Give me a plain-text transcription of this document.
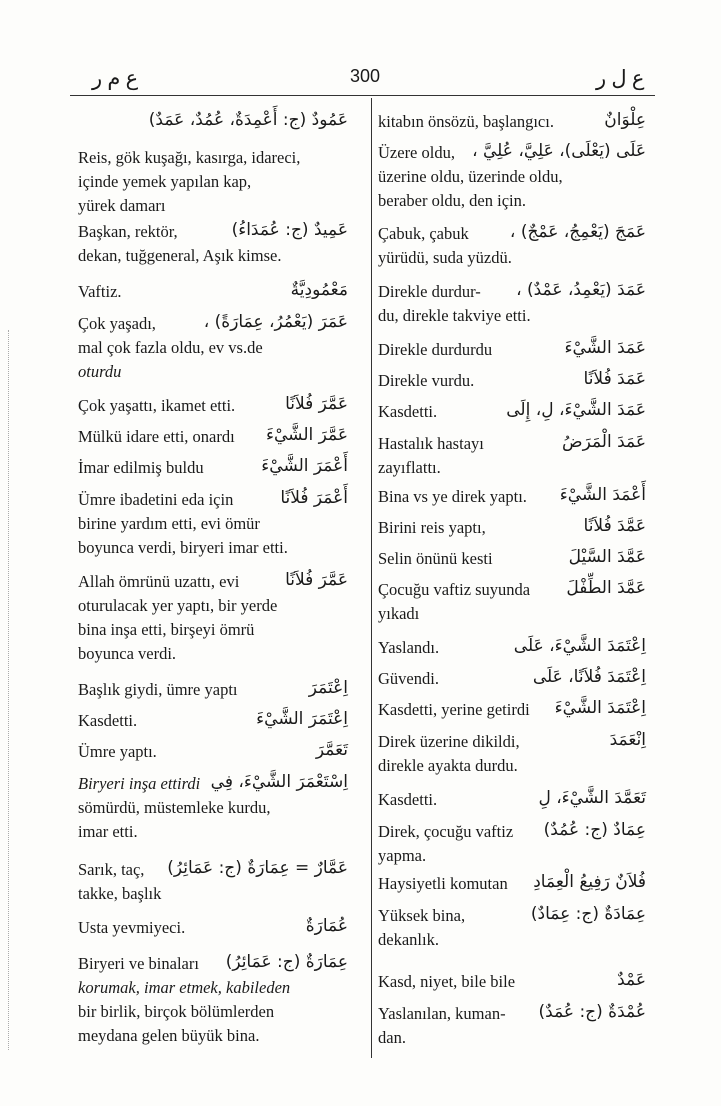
ع م ر	300	ع ل ر
عَمُودٌ (ج: أَعْمِدَةٌ، عُمُدٌ، عَمَدٌ)
Reis, gök kuşağı, kasırga, idareci,
içinde yemek yapılan kap,
yürek damarı
عَمِيدٌ (ج: عُمَدَاءُ)
Başkan, rektör,
dekan, tuğgeneral, Aşık kimse.
مَعْمُودِيَّةٌ
Vaftiz.
عَمَرَ (يَعْمُرُ، عِمَارَةً) ،
Çok yaşadı,
mal çok fazla oldu, ev vs.de
oturdu
عَمَّرَ فُلاَنًا
Çok yaşattı, ikamet etti.
عَمَّرَ الشَّيْءَ
Mülkü idare etti, onardı
أَعْمَرَ الشَّيْءَ
İmar edilmiş buldu
أَعْمَرَ فُلاَنًا
Ümre ibadetini eda için
birine yardım etti, evi ömür
boyunca verdi, biryeri imar etti.
عَمَّرَ فُلاَنًا
Allah ömrünü uzattı, evi
oturulacak yer yaptı, bir yerde
bina inşa etti, birşeyi ömrü
boyunca verdi.
اِعْتَمَرَ
Başlık giydi, ümre yaptı
اِعْتَمَرَ الشَّيْءَ
Kasdetti.
تَعَمَّرَ
Ümre yaptı.
اِسْتَعْمَرَ الشَّيْءَ، فِي
Biryeri inşa ettirdi
sömürdü, müstemleke kurdu,
imar etti.
عَمَّارٌ = عِمَارَةٌ (ج: عَمَائِرُ)
Sarık, taç,
takke, başlık
عُمَارَةٌ
Usta yevmiyeci.
عِمَارَةٌ (ج: عَمَائِرُ)
Biryeri ve binaları
korumak, imar etmek, kabileden
bir birlik, birçok bölümlerden
meydana gelen büyük bina.
عِلْوَانٌ
kitabın önsözü, başlangıcı.
عَلَى (يَعْلَى)، عَلِيَّ، عُلِيَّ ،
Üzere oldu,
üzerine oldu, üzerinde oldu,
beraber oldu, den için.
عَمَجَ (يَعْمِجُ، عَمْجٌ) ،
Çabuk, çabuk
yürüdü, suda yüzdü.
عَمَدَ (يَعْمِدُ، عَمْدٌ) ،
Direkle durdur-
du, direkle takviye etti.
عَمَدَ الشَّيْءَ
Direkle durdurdu
عَمَدَ فُلاَنًا
Direkle vurdu.
عَمَدَ الشَّيْءَ، لِ، إِلَى
Kasdetti.
عَمَدَ الْمَرَضُ
Hastalık hastayı
zayıflattı.
أَعْمَدَ الشَّيْءَ
Bina vs ye direk yaptı.
عَمَّدَ فُلاَنًا
Birini reis yaptı,
عَمَّدَ السَّيْلَ
Selin önünü kesti
عَمَّدَ الطِّفْلَ
Çocuğu vaftiz suyunda
yıkadı
اِعْتَمَدَ الشَّيْءَ، عَلَى
Yaslandı.
اِعْتَمَدَ فُلاَنًا، عَلَى
Güvendi.
اِعْتَمَدَ الشَّيْءَ
Kasdetti, yerine getirdi
اِنْعَمَدَ
Direk üzerine dikildi,
direkle ayakta durdu.
تَعَمَّدَ الشَّيْءَ، لِ
Kasdetti.
عِمَادٌ (ج: عُمُدٌ)
Direk, çocuğu vaftiz
yapma.
فُلاَنٌ رَفِيعُ الْعِمَادِ
Haysiyetli komutan
عِمَادَةٌ (ج: عِمَادٌ)
Yüksek bina,
dekanlık.
عَمْدٌ
Kasd, niyet, bile bile
عُمْدَةٌ (ج: عُمَدٌ)
Yaslanılan, kuman-
dan.
